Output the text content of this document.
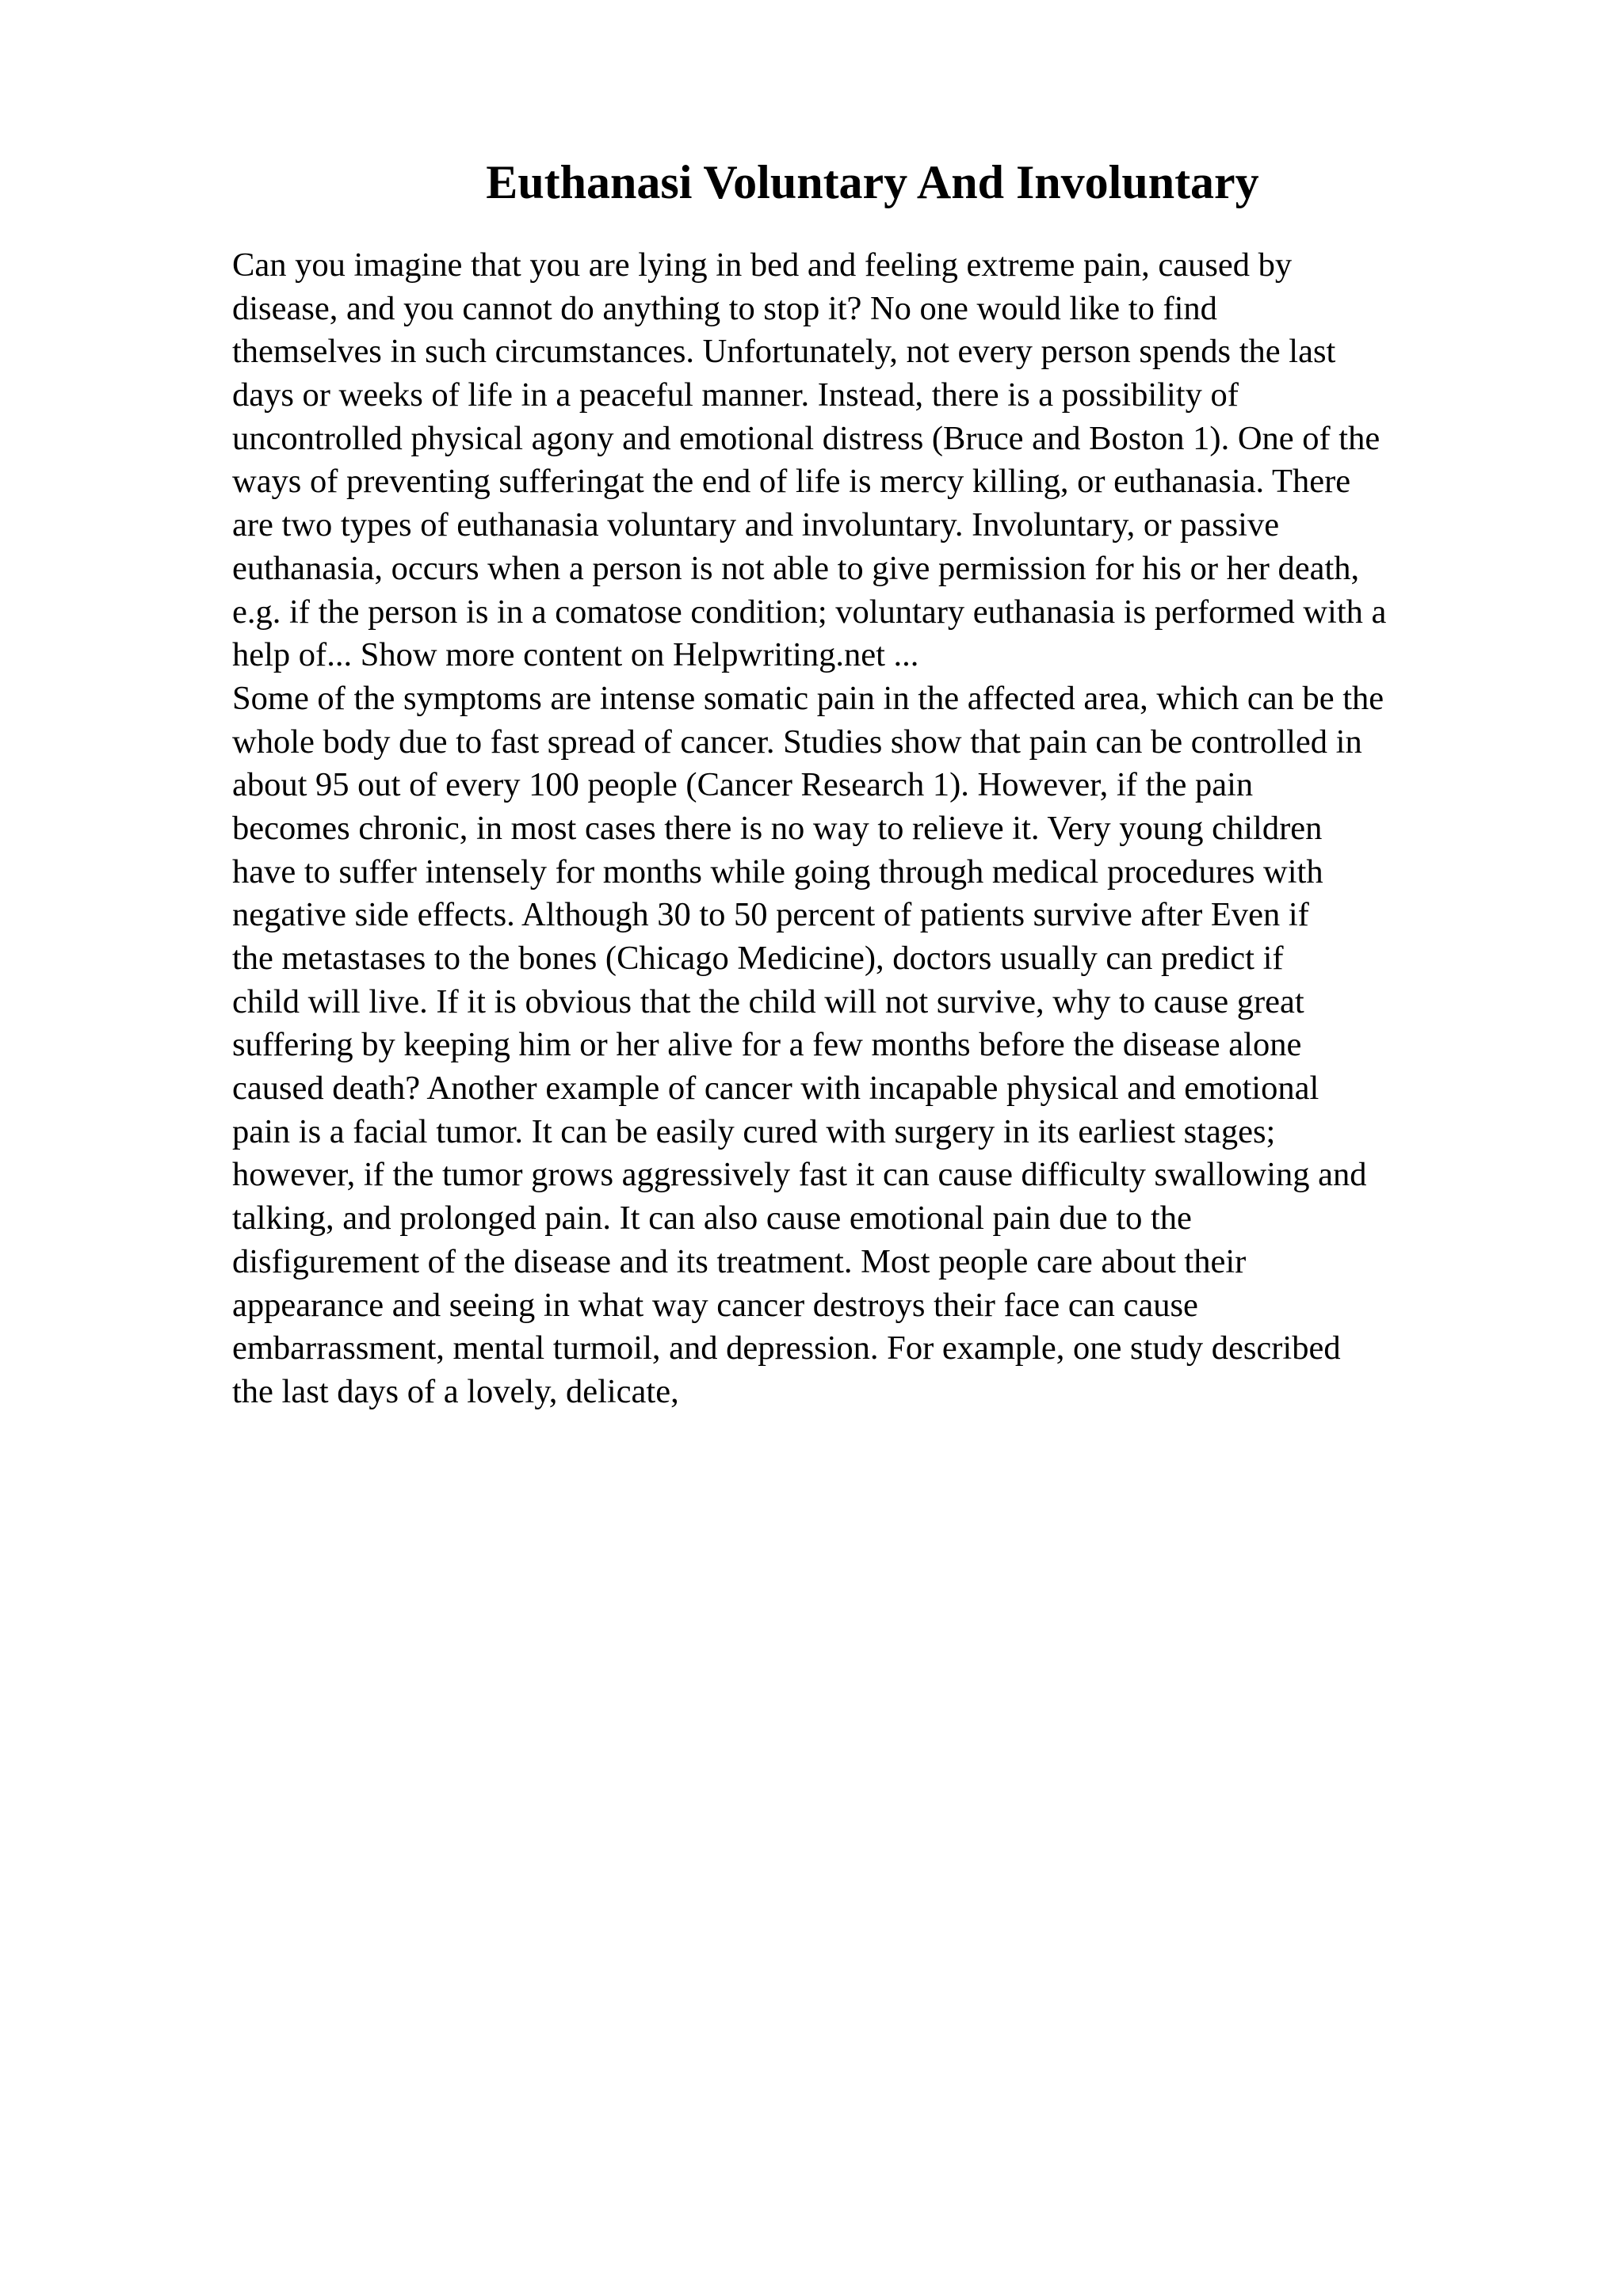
Euthanasi Voluntary And Involuntary
Can you imagine that you are lying in bed and feeling extreme pain, caused by
disease, and you cannot do anything to stop it? No one would like to find
themselves in such circumstances. Unfortunately, not every person spends the last
days or weeks of life in a peaceful manner. Instead, there is a possibility of
uncontrolled physical agony and emotional distress (Bruce and Boston 1). One of the
ways of preventing sufferingat the end of life is mercy killing, or euthanasia. There
are two types of euthanasia voluntary and involuntary. Involuntary, or passive
euthanasia, occurs when a person is not able to give permission for his or her death,
e.g. if the person is in a comatose condition; voluntary euthanasia is performed with a
help of... Show more content on Helpwriting.net ...
Some of the symptoms are intense somatic pain in the affected area, which can be the
whole body due to fast spread of cancer. Studies show that pain can be controlled in
about 95 out of every 100 people (Cancer Research 1). However, if the pain
becomes chronic, in most cases there is no way to relieve it. Very young children
have to suffer intensely for months while going through medical procedures with
negative side effects. Although 30 to 50 percent of patients survive after Even if
the metastases to the bones (Chicago Medicine), doctors usually can predict if
child will live. If it is obvious that the child will not survive, why to cause great
suffering by keeping him or her alive for a few months before the disease alone
caused death? Another example of cancer with incapable physical and emotional
pain is a facial tumor. It can be easily cured with surgery in its earliest stages;
however, if the tumor grows aggressively fast it can cause difficulty swallowing and
talking, and prolonged pain. It can also cause emotional pain due to the
disfigurement of the disease and its treatment. Most people care about their
appearance and seeing in what way cancer destroys their face can cause
embarrassment, mental turmoil, and depression. For example, one study described
the last days of a lovely, delicate,
